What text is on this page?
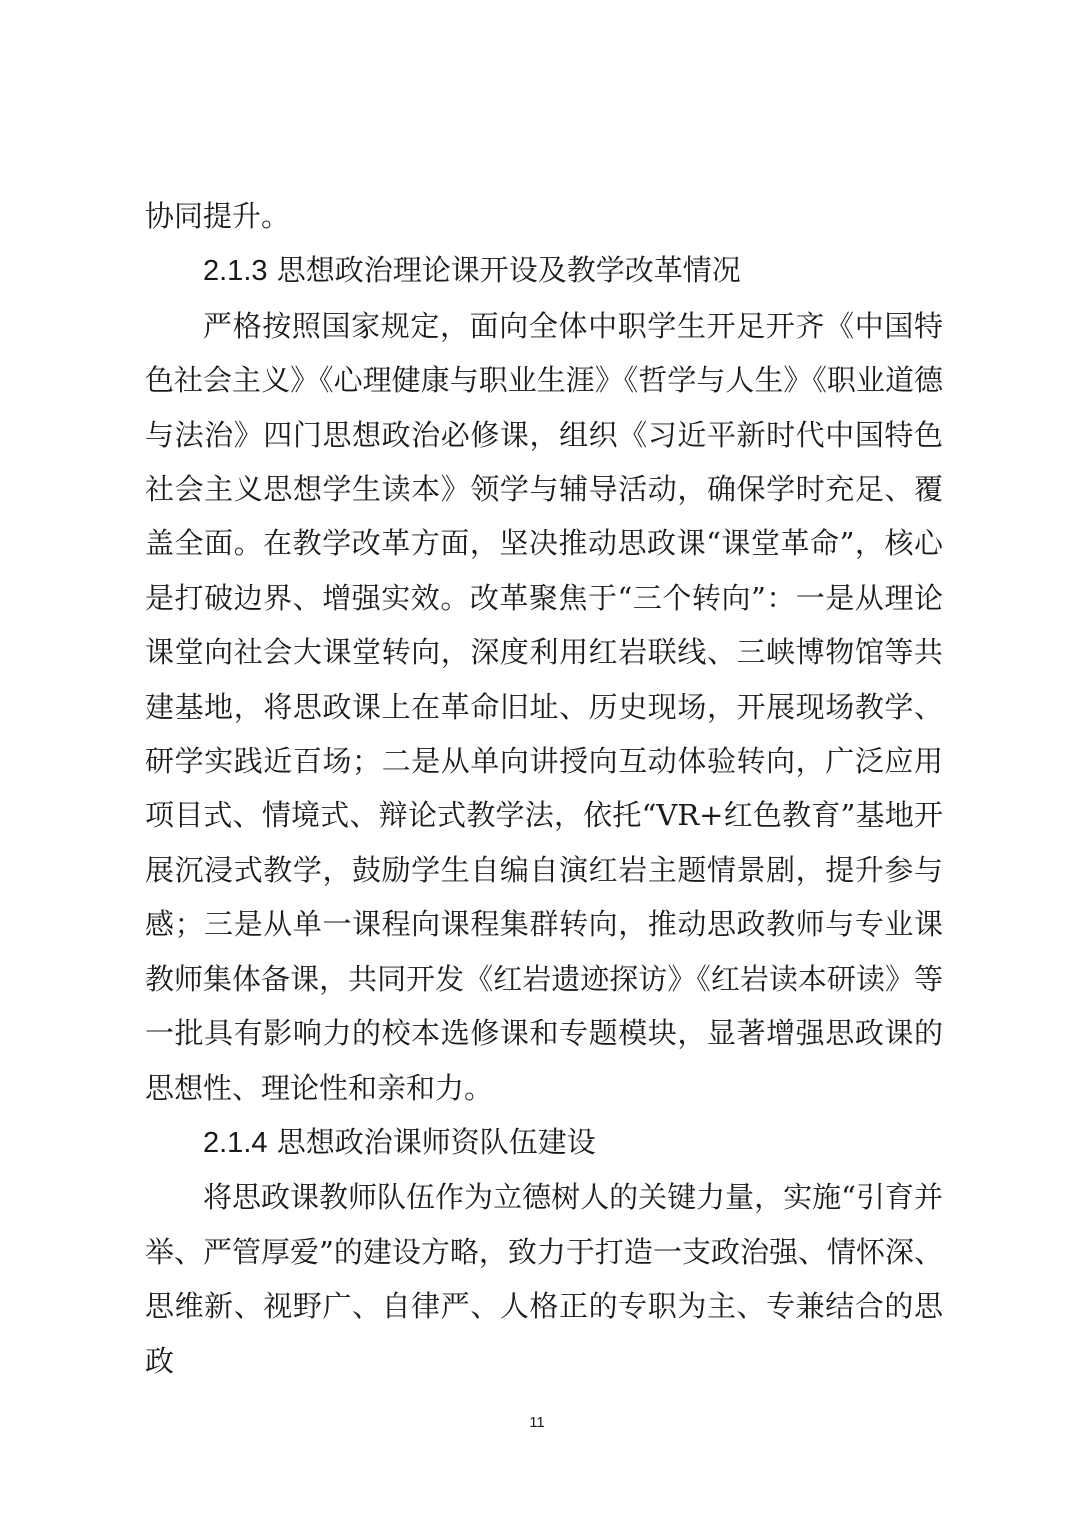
协同提升。

2.1.3 思想政治理论课开设及教学改革情况

严格按照国家规定，面向全体中职学生开足开齐《中国特色社会主义》《心理健康与职业生涯》《哲学与人生》《职业道德与法治》四门思想政治必修课，组织《习近平新时代中国特色社会主义思想学生读本》领学与辅导活动，确保学时充足、覆盖全面。在教学改革方面，坚决推动思政课“课堂革命”，核心是打破边界、增强实效。改革聚焦于“三个转向”：一是从理论课堂向社会大课堂转向，深度利用红岩联线、三峡博物馆等共建基地，将思政课上在革命旧址、历史现场，开展现场教学、研学实践近百场；二是从单向讲授向互动体验转向，广泛应用项目式、情境式、辩论式教学法，依托“VR+红色教育”基地开展沉浸式教学，鼓励学生自编自演红岩主题情景剧，提升参与感；三是从单一课程向课程集群转向，推动思政教师与专业课教师集体备课，共同开发《红岩遗迹探访》《红岩读本研读》等一批具有影响力的校本选修课和专题模块，显著增强思政课的思想性、理论性和亲和力。

2.1.4 思想政治课师资队伍建设

将思政课教师队伍作为立德树人的关键力量，实施“引育并举、严管厚爱”的建设方略，致力于打造一支政治强、情怀深、思维新、视野广、自律严、人格正的专职为主、专兼结合的思政

11
